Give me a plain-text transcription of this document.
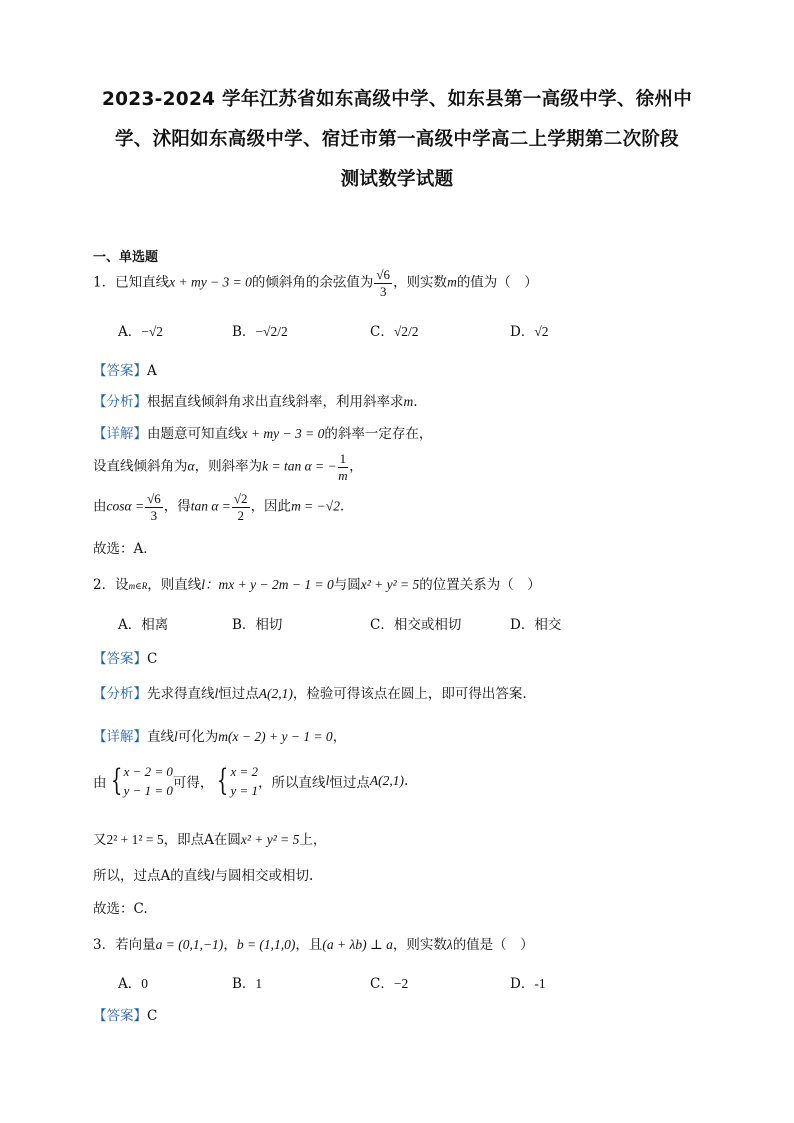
2023-2024 学年江苏省如东高级中学、如东县第一高级中学、徐州中
学、沭阳如东高级中学、宿迁市第一高级中学高二上学期第二次阶段
测试数学试题
一、单选题
1．已知直线x + my − 3 = 0的倾斜角的余弦值为 $\frac{√6}{3}$ ，则实数m的值为（　）
A．−√2	B．−√2/2	C．√2/2	D．√2
【答案】A
【分析】根据直线倾斜角求出直线斜率，利用斜率求m.
【详解】由题意可知直线x + my − 3 = 0的斜率一定存在，
设直线倾斜角为α，则斜率为k = tan α = − $\frac{1}{m}$ ，
由$\cos\alpha = \frac{√6}{3}$ ，得$\tan \alpha = \frac{√2}{2}$ ，因此m = −√2．
故选：A．
2．设m∈R，则直线l：mx + y − 2m − 1 = 0与圆x² + y² = 5的位置关系为（　）
A．相离	B．相切	C．相交或相切	D．相交
【答案】C
【分析】先求得直线l恒过点A(2,1)，检验可得该点在圆上，即可得出答案.
【详解】直线l可化为m(x − 2) + y − 1 = 0，
由 { x − 2 = 0
y − 1 = 0 可得， { x = 2
y = 1 ，所以直线l恒过点A(2,1).
又2² + 1² = 5，即点A在圆x² + y² = 5上，
所以，过点A的直线l与圆相交或相切.
故选：C.
3．若向量a = (0,1,−1)，b = (1,1,0)，且(a + λb) ⊥ a，则实数λ的值是（　）
A．0	B．1	C．−2	D．-1
【答案】C
